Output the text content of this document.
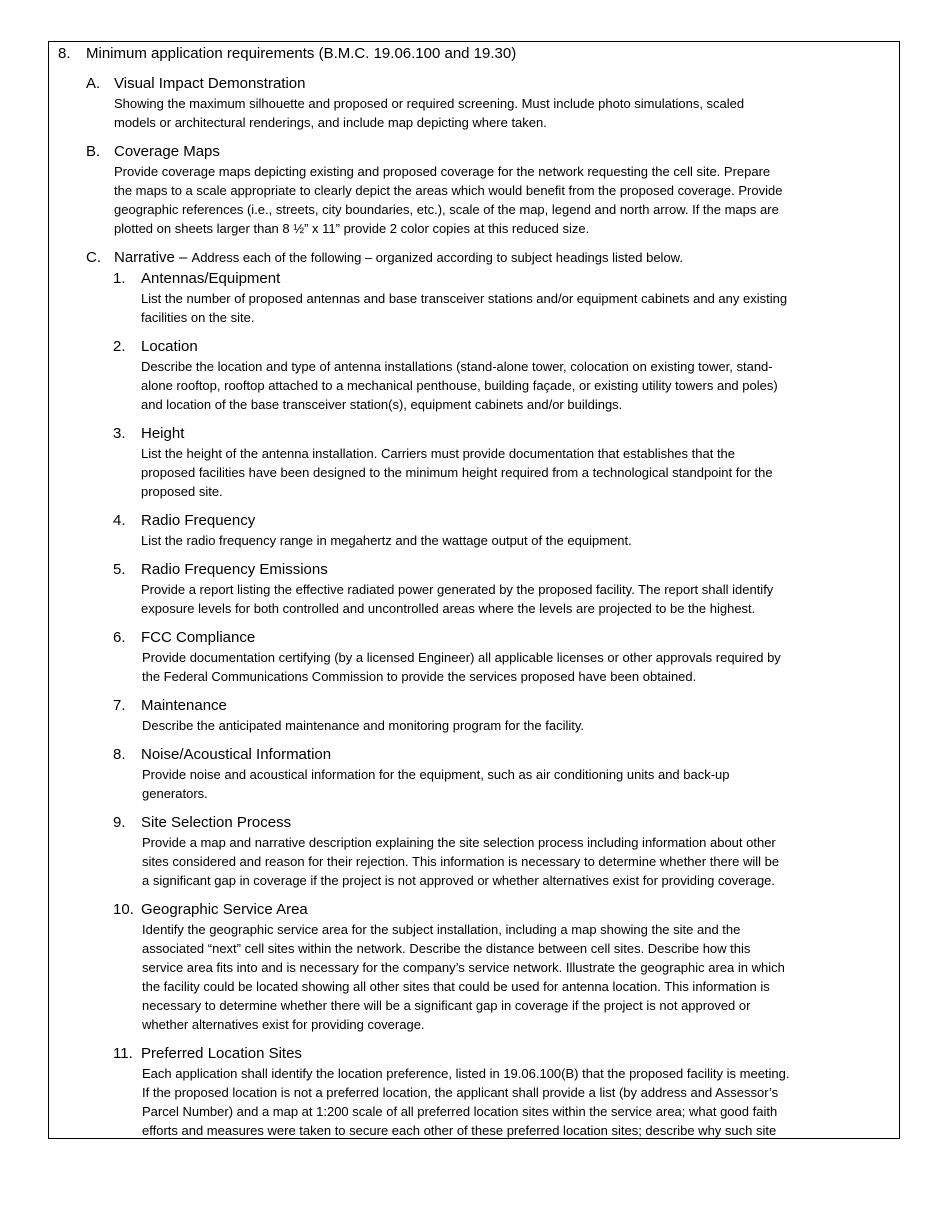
8. Minimum application requirements (B.M.C. 19.06.100 and 19.30)
A. Visual Impact Demonstration
Showing the maximum silhouette and proposed or required screening. Must include photo simulations, scaled
models or architectural renderings, and include map depicting where taken.
B. Coverage Maps
Provide coverage maps depicting existing and proposed coverage for the network requesting the cell site. Prepare
the maps to a scale appropriate to clearly depict the areas which would benefit from the proposed coverage. Provide
geographic references (i.e., streets, city boundaries, etc.), scale of the map, legend and north arrow. If the maps are
plotted on sheets larger than 8 ½” x 11” provide 2 color copies at this reduced size.
C. Narrative – Address each of the following – organized according to subject headings listed below.
1. Antennas/Equipment
List the number of proposed antennas and base transceiver stations and/or equipment cabinets and any existing
facilities on the site.
2. Location
Describe the location and type of antenna installations (stand-alone tower, colocation on existing tower, stand-
alone rooftop, rooftop attached to a mechanical penthouse, building façade, or existing utility towers and poles)
and location of the base transceiver station(s), equipment cabinets and/or buildings.
3. Height
List the height of the antenna installation. Carriers must provide documentation that establishes that the
proposed facilities have been designed to the minimum height required from a technological standpoint for the
proposed site.
4. Radio Frequency
List the radio frequency range in megahertz and the wattage output of the equipment.
5. Radio Frequency Emissions
Provide a report listing the effective radiated power generated by the proposed facility. The report shall identify
exposure levels for both controlled and uncontrolled areas where the levels are projected to be the highest.
6. FCC Compliance
Provide documentation certifying (by a licensed Engineer) all applicable licenses or other approvals required by
the Federal Communications Commission to provide the services proposed have been obtained.
7. Maintenance
Describe the anticipated maintenance and monitoring program for the facility.
8. Noise/Acoustical Information
Provide noise and acoustical information for the equipment, such as air conditioning units and back-up
generators.
9. Site Selection Process
Provide a map and narrative description explaining the site selection process including information about other
sites considered and reason for their rejection. This information is necessary to determine whether there will be
a significant gap in coverage if the project is not approved or whether alternatives exist for providing coverage.
10. Geographic Service Area
Identify the geographic service area for the subject installation, including a map showing the site and the
associated “next” cell sites within the network. Describe the distance between cell sites. Describe how this
service area fits into and is necessary for the company’s service network. Illustrate the geographic area in which
the facility could be located showing all other sites that could be used for antenna location. This information is
necessary to determine whether there will be a significant gap in coverage if the project is not approved or
whether alternatives exist for providing coverage.
11. Preferred Location Sites
Each application shall identify the location preference, listed in 19.06.100(B) that the proposed facility is meeting.
If the proposed location is not a preferred location, the applicant shall provide a list (by address and Assessor’s
Parcel Number) and a map at 1:200 scale of all preferred location sites within the service area; what good faith
efforts and measures were taken to secure each other of these preferred location sites; describe why such site
